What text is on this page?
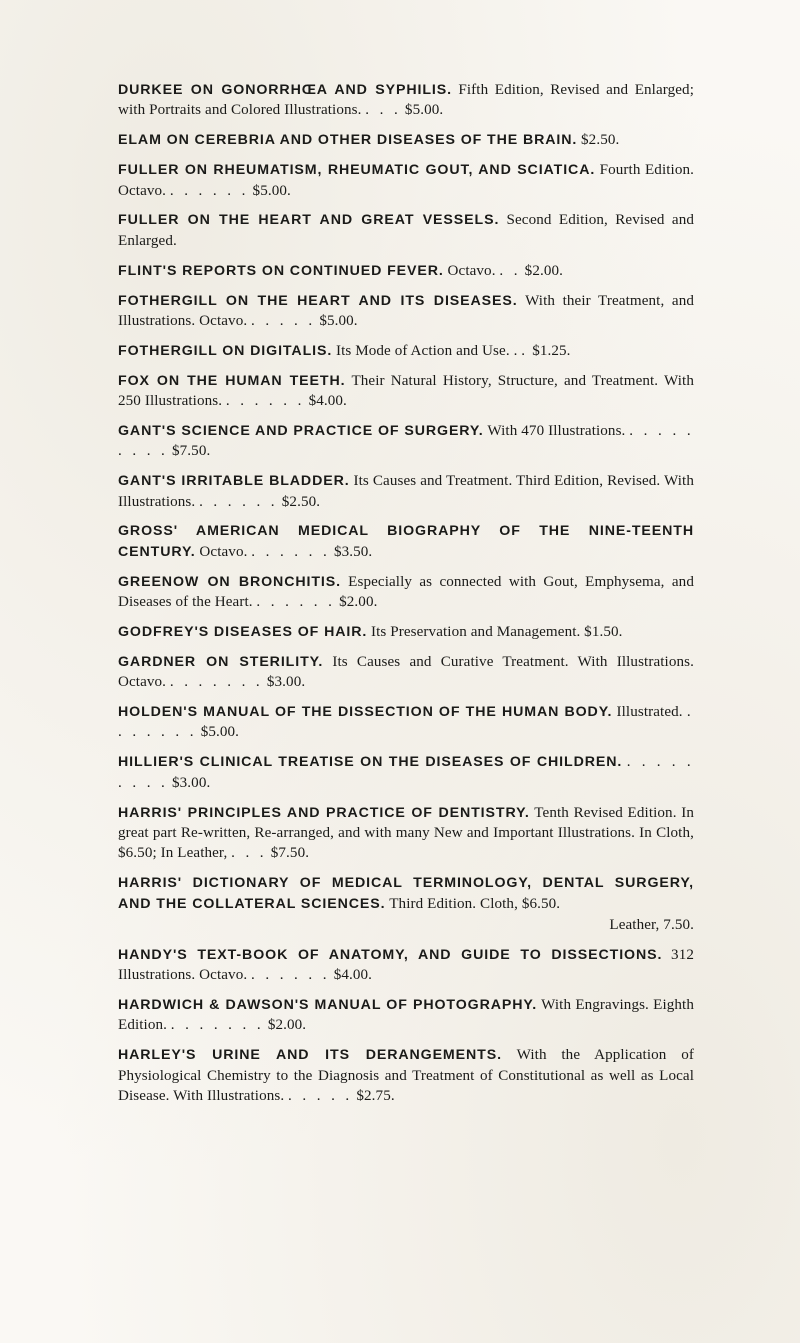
DURKEE ON GONORRHŒA AND SYPHILIS. Fifth Edition, Revised and Enlarged; with Portraits and Colored Illustrations. . . . $5.00.
ELAM ON CEREBRIA AND OTHER DISEASES OF THE BRAIN. $2.50.
FULLER ON RHEUMATISM, RHEUMATIC GOUT, AND SCIATICA. Fourth Edition. Octavo. . . . . . . $5.00.
FULLER ON THE HEART AND GREAT VESSELS. Second Edition, Revised and Enlarged.
FLINT'S REPORTS ON CONTINUED FEVER. Octavo. . . $2.00.
FOTHERGILL ON THE HEART AND ITS DISEASES. With their Treatment, and Illustrations. Octavo. . . . . . $5.00.
FOTHERGILL ON DIGITALIS. Its Mode of Action and Use. . . $1.25.
FOX ON THE HUMAN TEETH. Their Natural History, Structure, and Treatment. With 250 Illustrations. . . . . . . $4.00.
GANT'S SCIENCE AND PRACTICE OF SURGERY. With 470 Illustrations. . . . . . . . . . $7.50.
GANT'S IRRITABLE BLADDER. Its Causes and Treatment. Third Edition, Revised. With Illustrations. . . . . . . $2.50.
GROSS' AMERICAN MEDICAL BIOGRAPHY OF THE NINE-TEENTH CENTURY. Octavo. . . . . . . $3.50.
GREENOW ON BRONCHITIS. Especially as connected with Gout, Emphysema, and Diseases of the Heart. . . . . . . $2.00.
GODFREY'S DISEASES OF HAIR. Its Preservation and Management. $1.50.
GARDNER ON STERILITY. Its Causes and Curative Treatment. With Illustrations. Octavo. . . . . . . . $3.00.
HOLDEN'S MANUAL OF THE DISSECTION OF THE HUMAN BODY. Illustrated. . . . . . . . $5.00.
HILLIER'S CLINICAL TREATISE ON THE DISEASES OF CHILDREN. . . . . . . . . . $3.00.
HARRIS' PRINCIPLES AND PRACTICE OF DENTISTRY. Tenth Revised Edition. In great part Re-written, Re-arranged, and with many New and Important Illustrations. In Cloth, $6.50; In Leather, . . . $7.50.
HARRIS' DICTIONARY OF MEDICAL TERMINOLOGY, DENTAL SURGERY, AND THE COLLATERAL SCIENCES. Third Edition. Cloth, $6.50.
Leather, 7.50.
HANDY'S TEXT-BOOK OF ANATOMY, AND GUIDE TO DISSECTIONS. 312 Illustrations. Octavo. . . . . . . $4.00.
HARDWICH & DAWSON'S MANUAL OF PHOTOGRAPHY. With Engravings. Eighth Edition. . . . . . . . $2.00.
HARLEY'S URINE AND ITS DERANGEMENTS. With the Application of Physiological Chemistry to the Diagnosis and Treatment of Constitutional as well as Local Disease. With Illustrations. . . . . . $2.75.
